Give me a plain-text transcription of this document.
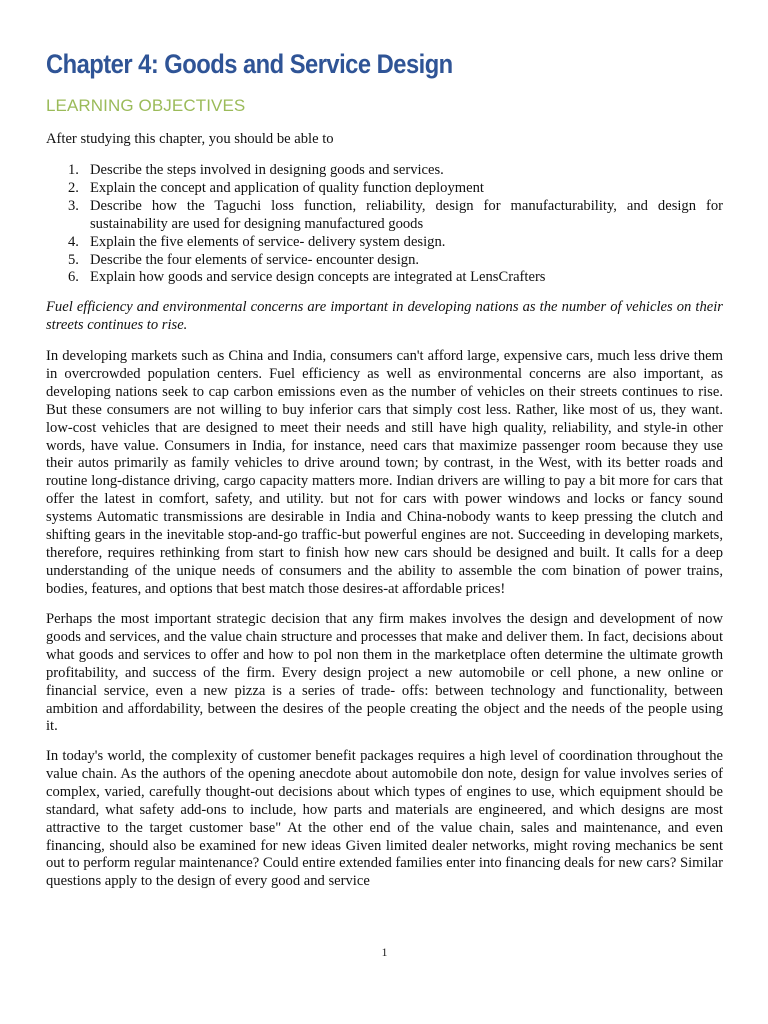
Chapter 4: Goods and Service Design
LEARNING OBJECTIVES

After studying this chapter, you should be able to

1. Describe the steps involved in designing goods and services.
2. Explain the concept and application of quality function deployment
3. Describe how the Taguchi loss function, reliability, design for manufacturability, and design for sustainability are used for designing manufactured goods
4. Explain the five elements of service- delivery system design.
5. Describe the four elements of service- encounter design.
6. Explain how goods and service design concepts are integrated at LensCrafters

Fuel efficiency and environmental concerns are important in developing nations as the number of vehicles on their streets continues to rise.

In developing markets such as China and India, consumers can't afford large, expensive cars, much less drive them in overcrowded population centers. Fuel efficiency as well as environmental concerns are also important, as developing nations seek to cap carbon emissions even as the number of vehicles on their streets continues to rise. But these consumers are not willing to buy inferior cars that simply cost less. Rather, like most of us, they want. low-cost vehicles that are designed to meet their needs and still have high quality, reliability, and style-in other words, have value. Consumers in India, for instance, need cars that maximize passenger room because they use their autos primarily as family vehicles to drive around town; by contrast, in the West, with its better roads and routine long-distance driving, cargo capacity matters more. Indian drivers are willing to pay a bit more for cars that offer the latest in comfort, safety, and utility. but not for cars with power windows and locks or fancy sound systems Automatic transmissions are desirable in India and China-nobody wants to keep pressing the clutch and shifting gears in the inevitable stop-and-go traffic-but powerful engines are not. Succeeding in developing markets, therefore, requires rethinking from start to finish how new cars should be designed and built. It calls for a deep understanding of the unique needs of consumers and the ability to assemble the com bination of power trains, bodies, features, and options that best match those desires-at affordable prices!

Perhaps the most important strategic decision that any firm makes involves the design and development of now goods and services, and the value chain structure and processes that make and deliver them. In fact, decisions about what goods and services to offer and how to pol non them in the marketplace often determine the ultimate growth profitability, and success of the firm. Every design project a new automobile or cell phone, a new online or financial service, even a new pizza is a series of trade- offs: between technology and functionality, between ambition and affordability, between the desires of the people creating the object and the needs of the people using it.

In today's world, the complexity of customer benefit packages requires a high level of coordination throughout the value chain. As the authors of the opening anecdote about automobile don note, design for value involves series of complex, varied, carefully thought-out decisions about which types of engines to use, which equipment should be standard, what safety add-ons to include, how parts and materials are engineered, and which designs are most attractive to the target customer base" At the other end of the value chain, sales and maintenance, and even financing, should also be examined for new ideas Given limited dealer networks, might roving mechanics be sent out to perform regular maintenance? Could entire extended families enter into financing deals for new cars? Similar questions apply to the design of every good and service

1
